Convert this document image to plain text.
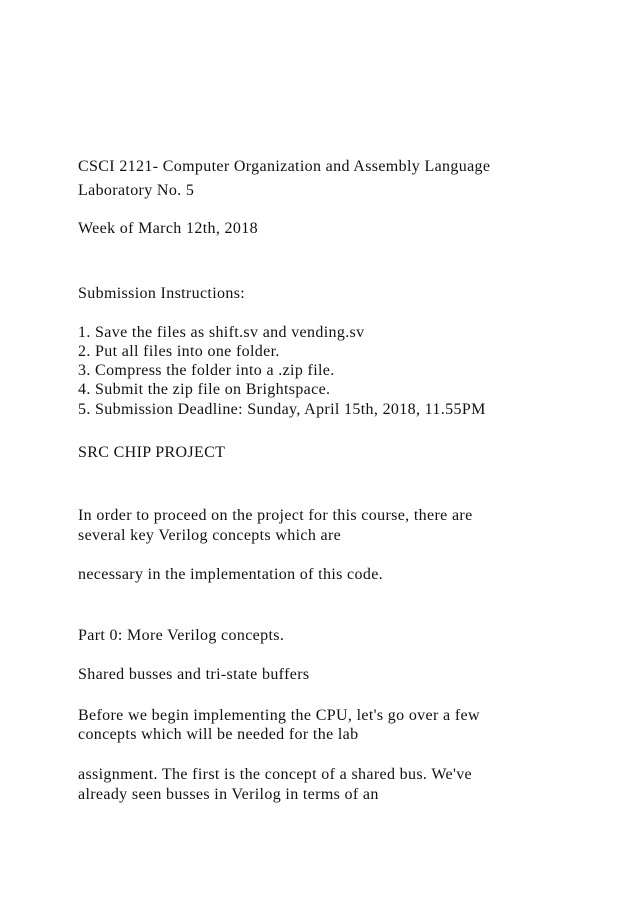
CSCI 2121- Computer Organization and Assembly Language

Laboratory No. 5

Week of March 12th, 2018

Submission Instructions:

1. Save the files as shift.sv and vending.sv

2. Put all files into one folder.

3. Compress the folder into a .zip file.

4. Submit the zip file on Brightspace.

5. Submission Deadline: Sunday, April 15th, 2018, 11.55PM

SRC CHIP PROJECT

In order to proceed on the project for this course, there are

several key Verilog concepts which are

necessary in the implementation of this code.

Part 0: More Verilog concepts.

Shared busses and tri-state buffers

Before we begin implementing the CPU, let's go over a few

concepts which will be needed for the lab

assignment. The first is the concept of a shared bus. We've

already seen busses in Verilog in terms of an
